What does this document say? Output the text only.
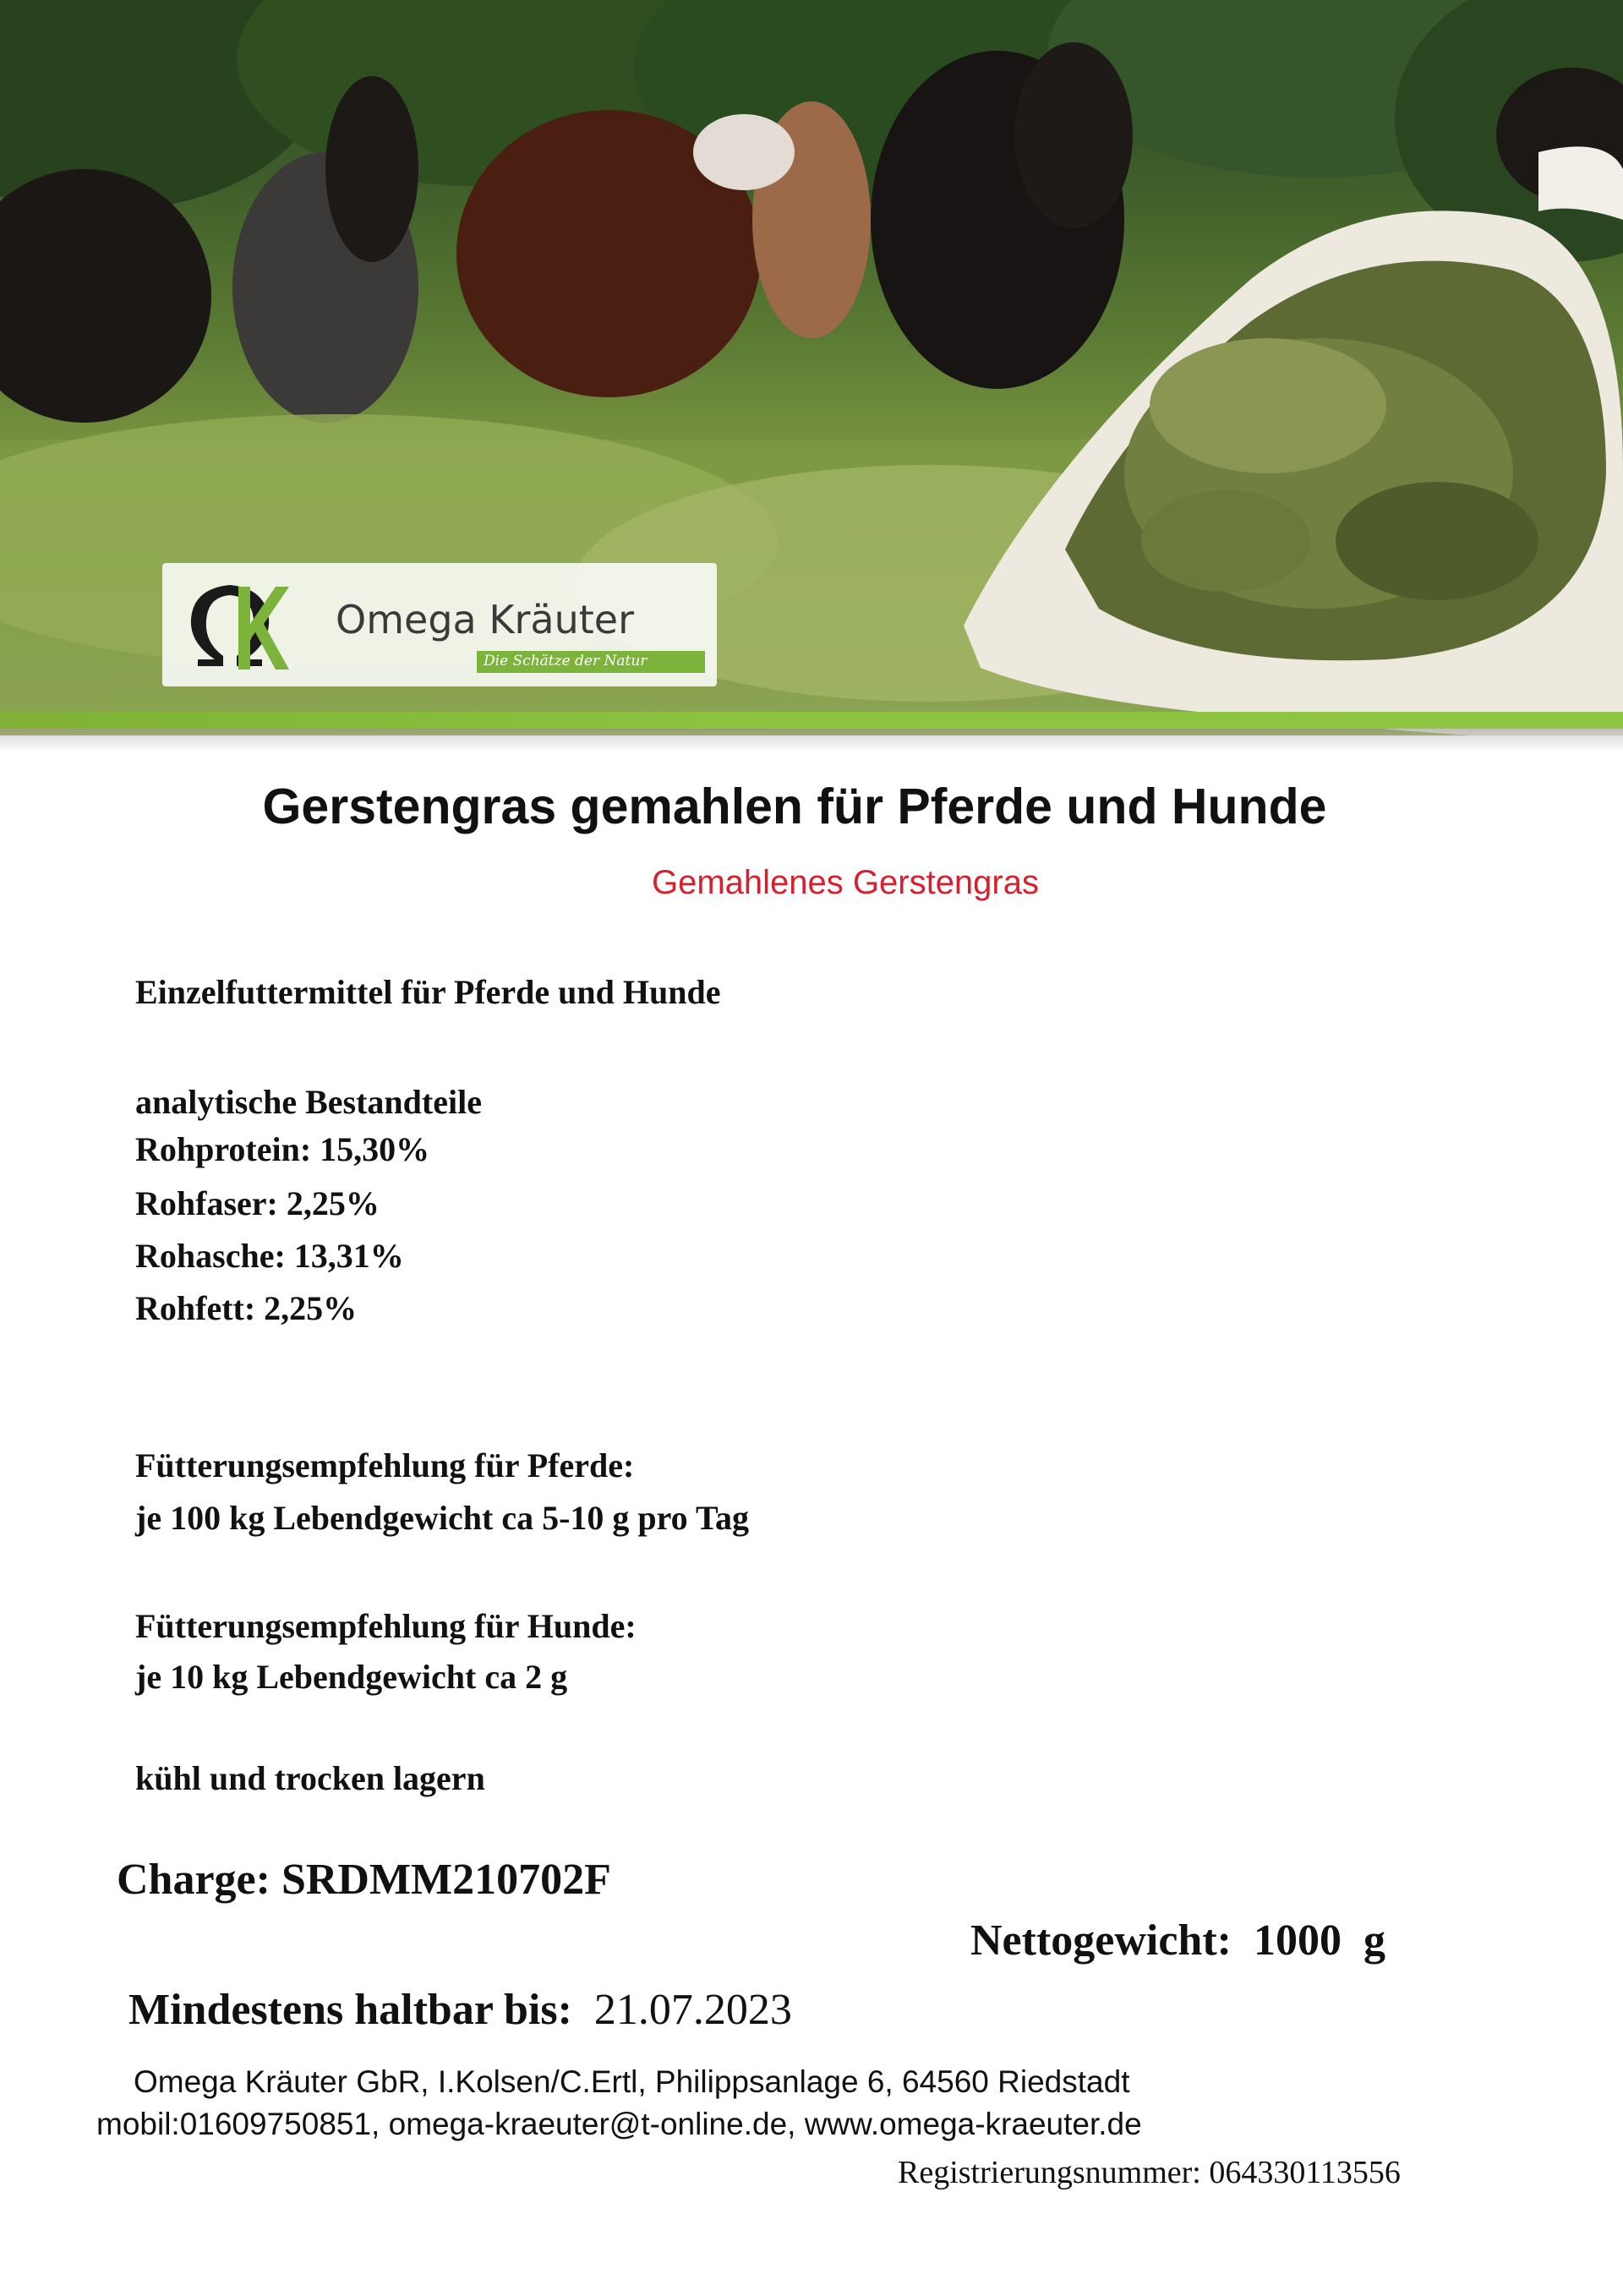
Omega Kräuter
Die Schätze der Natur
Gerstengras gemahlen für Pferde und Hunde
Gemahlenes Gerstengras
Einzelfuttermittel für Pferde und Hunde
analytische Bestandteile
Rohprotein: 15,30%
Rohfaser: 2,25%
Rohasche: 13,31%
Rohfett: 2,25%
Fütterungsempfehlung für Pferde:
je 100 kg Lebendgewicht ca 5-10 g pro Tag
Fütterungsempfehlung für Hunde:
je 10 kg Lebendgewicht ca 2 g
kühl und trocken lagern
Charge: SRDMM210702F
Nettogewicht: 1000 g
Mindestens haltbar bis: 21.07.2023
Omega Kräuter GbR, I.Kolsen/C.Ertl, Philippsanlage 6, 64560 Riedstadt
mobil:01609750851, omega-kraeuter@t-online.de, www.omega-kraeuter.de
Registrierungsnummer: 064330113556
